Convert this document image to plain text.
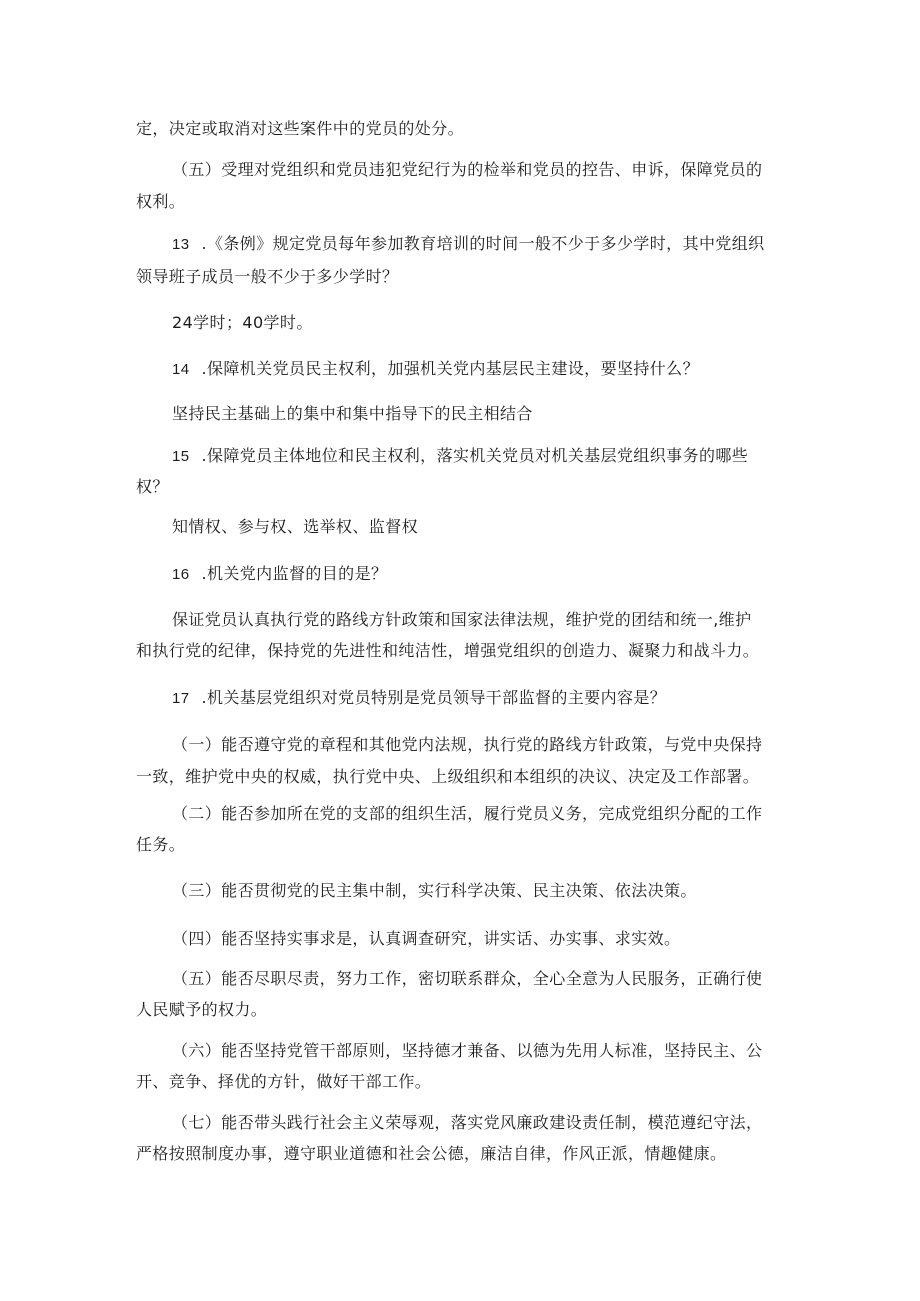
定，决定或取消对这些案件中的党员的处分。
（五）受理对党组织和党员违犯党纪行为的检举和党员的控告、申诉，保障党员的
权利。
13 .《条例》规定党员每年参加教育培训的时间一般不少于多少学时，其中党组织
领导班子成员一般不少于多少学时？
24学时；40学时。
14 .保障机关党员民主权利，加强机关党内基层民主建设，要坚持什么？
坚持民主基础上的集中和集中指导下的民主相结合
15 .保障党员主体地位和民主权利，落实机关党员对机关基层党组织事务的哪些
权？
知情权、参与权、选举权、监督权
16 .机关党内监督的目的是？
保证党员认真执行党的路线方针政策和国家法律法规，维护党的团结和统一,维护
和执行党的纪律，保持党的先进性和纯洁性，增强党组织的创造力、凝聚力和战斗力。
17 .机关基层党组织对党员特别是党员领导干部监督的主要内容是？
（一）能否遵守党的章程和其他党内法规，执行党的路线方针政策，与党中央保持
一致，维护党中央的权威，执行党中央、上级组织和本组织的决议、决定及工作部署。
（二）能否参加所在党的支部的组织生活，履行党员义务，完成党组织分配的工作
任务。
（三）能否贯彻党的民主集中制，实行科学决策、民主决策、依法决策。
（四）能否坚持实事求是，认真调查研究，讲实话、办实事、求实效。
（五）能否尽职尽责，努力工作，密切联系群众，全心全意为人民服务，正确行使
人民赋予的权力。
（六）能否坚持党管干部原则，坚持德才兼备、以德为先用人标准，坚持民主、公
开、竞争、择优的方针，做好干部工作。
（七）能否带头践行社会主义荣辱观，落实党风廉政建设责任制，模范遵纪守法，
严格按照制度办事，遵守职业道德和社会公德，廉洁自律，作风正派，情趣健康。
